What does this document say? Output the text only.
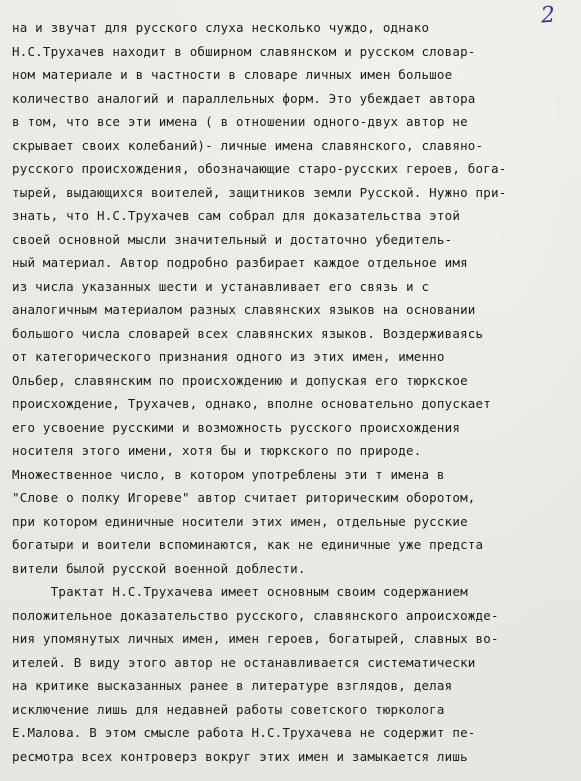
2
на и звучат для русского слуха несколько чуждо, однако
Н.С.Трухачев находит в обширном славянском и русском словар-
ном материале и в частности в словаре личных имен большое
количество аналогий и параллельных форм. Это убеждает автора
в том, что все эти имена ( в отношении одного-двух автор не
скрывает своих колебаний)- личные имена славянского, славяно-
русского происхождения, обозначающие старо-русских героев, бога-
тырей, выдающихся воителей, защитников земли Русской. Нужно при-
знать, что Н.С.Трухачев сам собрал для доказательства этой
своей основной мысли значительный и достаточно убедитель-
ный материал. Автор подробно разбирает каждое отдельное имя
из числа указанных шести и устанавливает его связь и с
аналогичным материалом разных славянских языков на основании
большого числа словарей всех славянских языков. Воздерживаясь
от категорического признания одного из этих имен, именно
Ольбер, славянским по происхождению и допуская его тюркское
происхождение, Трухачев, однако, вполне основательно допускает
его усвоение русскими и возможность русского происхождения
носителя этого имени, хотя бы и тюркского по природе.
Множественное число, в котором употреблены эти т имена в
"Слове о полку Игореве" автор считает риторическим оборотом,
при котором единичные носители этих имен, отдельные русские
богатыри и воители вспоминаются, как не единичные уже предста
вители былой русской военной доблести.
Трактат Н.С.Трухачева имеет основным своим содержанием
положительное доказательство русского, славянского апроисхожде-
ния упомянутых личных имен, имен героев, богатырей, славных во-
ителей. В виду этого автор не останавливается систематически
на критике высказанных ранее в литературе взглядов, делая
исключение лишь для недавней работы советского тюрколога
Е.Малова. В этом смысле работа Н.С.Трухачева не содержит пе-
ресмотра всех контроверз вокруг этих имен и замыкается лишь
